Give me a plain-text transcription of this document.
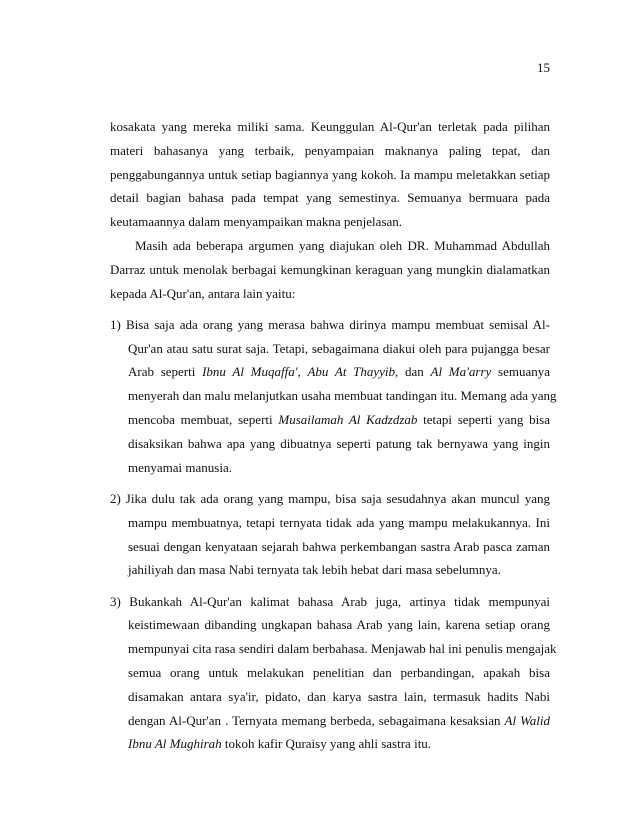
15
kosakata yang mereka miliki sama. Keunggulan Al-Qur'an terletak pada pilihan
materi bahasanya yang terbaik, penyampaian maknanya paling tepat, dan
penggabungannya untuk setiap bagiannya yang kokoh. Ia mampu meletakkan setiap
detail bagian bahasa pada tempat yang semestinya. Semuanya bermuara pada
keutamaannya dalam menyampaikan makna penjelasan.
Masih ada beberapa argumen yang diajukan oleh DR. Muhammad Abdullah
Darraz untuk menolak berbagai kemungkinan keraguan yang mungkin dialamatkan
kepada Al-Qur'an, antara lain yaitu:
1) Bisa saja ada orang yang merasa bahwa dirinya mampu membuat semisal Al-
Qur'an atau satu surat saja. Tetapi, sebagaimana diakui oleh para pujangga besar
Arab seperti Ibnu Al Muqaffa', Abu At Thayyib, dan Al Ma'arry semuanya
menyerah dan malu melanjutkan usaha membuat tandingan itu. Memang ada yang
mencoba membuat, seperti Musailamah Al Kadzdzab tetapi seperti yang bisa
disaksikan bahwa apa yang dibuatnya seperti patung tak bernyawa yang ingin
menyamai manusia.
2) Jika dulu tak ada orang yang mampu, bisa saja sesudahnya akan muncul yang
mampu membuatnya, tetapi ternyata tidak ada yang mampu melakukannya. Ini
sesuai dengan kenyataan sejarah bahwa perkembangan sastra Arab pasca zaman
jahiliyah dan masa Nabi ternyata tak lebih hebat dari masa sebelumnya.
3) Bukankah Al-Qur'an kalimat bahasa Arab juga, artinya tidak mempunyai
keistimewaan dibanding ungkapan bahasa Arab yang lain, karena setiap orang
mempunyai cita rasa sendiri dalam berbahasa. Menjawab hal ini penulis mengajak
semua orang untuk melakukan penelitian dan perbandingan, apakah bisa
disamakan antara sya'ir, pidato, dan karya sastra lain, termasuk hadits Nabi
dengan Al-Qur'an . Ternyata memang berbeda, sebagaimana kesaksian Al Walid
Ibnu Al Mughirah tokoh kafir Quraisy yang ahli sastra itu.
